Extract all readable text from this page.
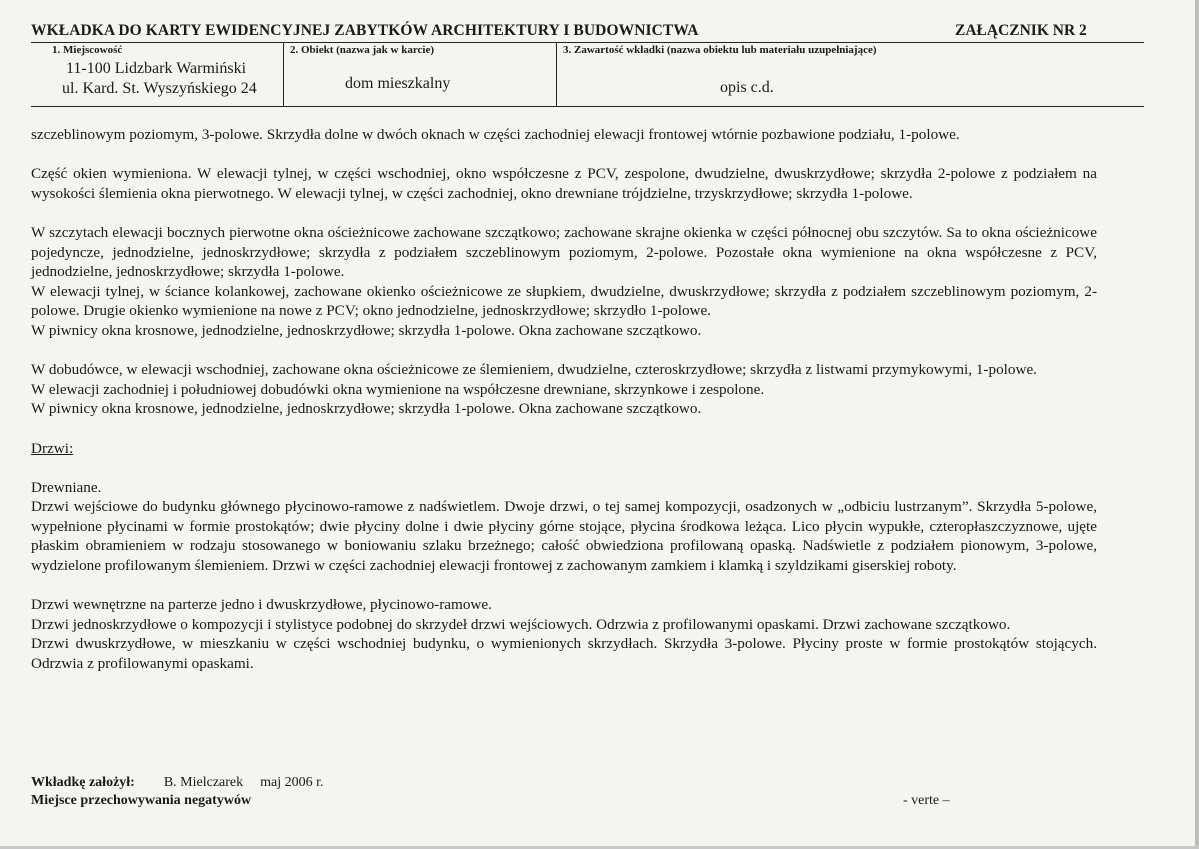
WKŁADKA DO KARTY EWIDENCYJNEJ ZABYTKÓW ARCHITEKTURY I BUDOWNICTWA	ZAŁĄCZNIK NR 2
1. Miejscowość
11-100 Lidzbark Warmiński
ul. Kard. St. Wyszyńskiego 24
2. Obiekt (nazwa jak w karcie)
dom mieszkalny
3. Zawartość wkładki (nazwa obiektu lub materiału uzupełniające)
opis c.d.

szczeblinowym poziomym, 3-polowe. Skrzydła dolne w dwóch oknach w części zachodniej elewacji frontowej wtórnie pozbawione podziału, 1-polowe.

Część okien wymieniona. W elewacji tylnej, w części wschodniej, okno współczesne z PCV, zespolone, dwudzielne, dwuskrzydłowe; skrzydła 2-polowe z podziałem na wysokości ślemienia okna pierwotnego. W elewacji tylnej, w części zachodniej, okno drewniane trójdzielne, trzyskrzydłowe; skrzydła 1-polowe.

W szczytach elewacji bocznych pierwotne okna ościeżnicowe zachowane szczątkowo; zachowane skrajne okienka w części północnej obu szczytów. Sa to okna ościeżnicowe pojedyncze, jednodzielne, jednoskrzydłowe; skrzydła z podziałem szczeblinowym poziomym, 2-polowe. Pozostałe okna wymienione na okna współczesne z PCV, jednodzielne, jednoskrzydłowe; skrzydła 1-polowe.

W elewacji tylnej, w ściance kolankowej, zachowane okienko ościeżnicowe ze słupkiem, dwudzielne, dwuskrzydłowe; skrzydła z podziałem szczeblinowym poziomym, 2-polowe. Drugie okienko wymienione na nowe z PCV; okno jednodzielne, jednoskrzydłowe; skrzydło 1-polowe.

W piwnicy okna krosnowe, jednodzielne, jednoskrzydłowe; skrzydła 1-polowe. Okna zachowane szczątkowo.

W dobudówce, w elewacji wschodniej, zachowane okna ościeżnicowe ze ślemieniem, dwudzielne, czteroskrzydłowe; skrzydła z listwami przymykowymi, 1-polowe.

W elewacji zachodniej i południowej dobudówki okna wymienione na współczesne drewniane, skrzynkowe i zespolone.

W piwnicy okna krosnowe, jednodzielne, jednoskrzydłowe; skrzydła 1-polowe. Okna zachowane szczątkowo.

Drzwi:

Drewniane.

Drzwi wejściowe do budynku głównego płycinowo-ramowe z nadświetlem. Dwoje drzwi, o tej samej kompozycji, osadzonych w „odbiciu lustrzanym”. Skrzydła 5-polowe, wypełnione płycinami w formie prostokątów; dwie płyciny dolne i dwie płyciny górne stojące, płycina środkowa leżąca. Lico płycin wypukłe, czteropłaszczyznowe, ujęte płaskim obramieniem w rodzaju stosowanego w boniowaniu szlaku brzeżnego; całość obwiedziona profilowaną opaską. Nadświetle z podziałem pionowym, 3-polowe, wydzielone profilowanym ślemieniem. Drzwi w części zachodniej elewacji frontowej z zachowanym zamkiem i klamką i szyldzikami giserskiej roboty.

Drzwi wewnętrzne na parterze jedno i dwuskrzydłowe, płycinowo-ramowe.

Drzwi jednoskrzydłowe o kompozycji i stylistyce podobnej do skrzydeł drzwi wejściowych. Odrzwia z profilowanymi opaskami. Drzwi zachowane szczątkowo.

Drzwi dwuskrzydłowe, w mieszkaniu w części wschodniej budynku, o wymienionych skrzydłach. Skrzydła 3-polowe. Płyciny proste w formie prostokątów stojących. Odrzwia z profilowanymi opaskami.

Wkładkę założył: B. Mielczarek maj 2006 r.
Miejsce przechowywania negatywów	- verte –
